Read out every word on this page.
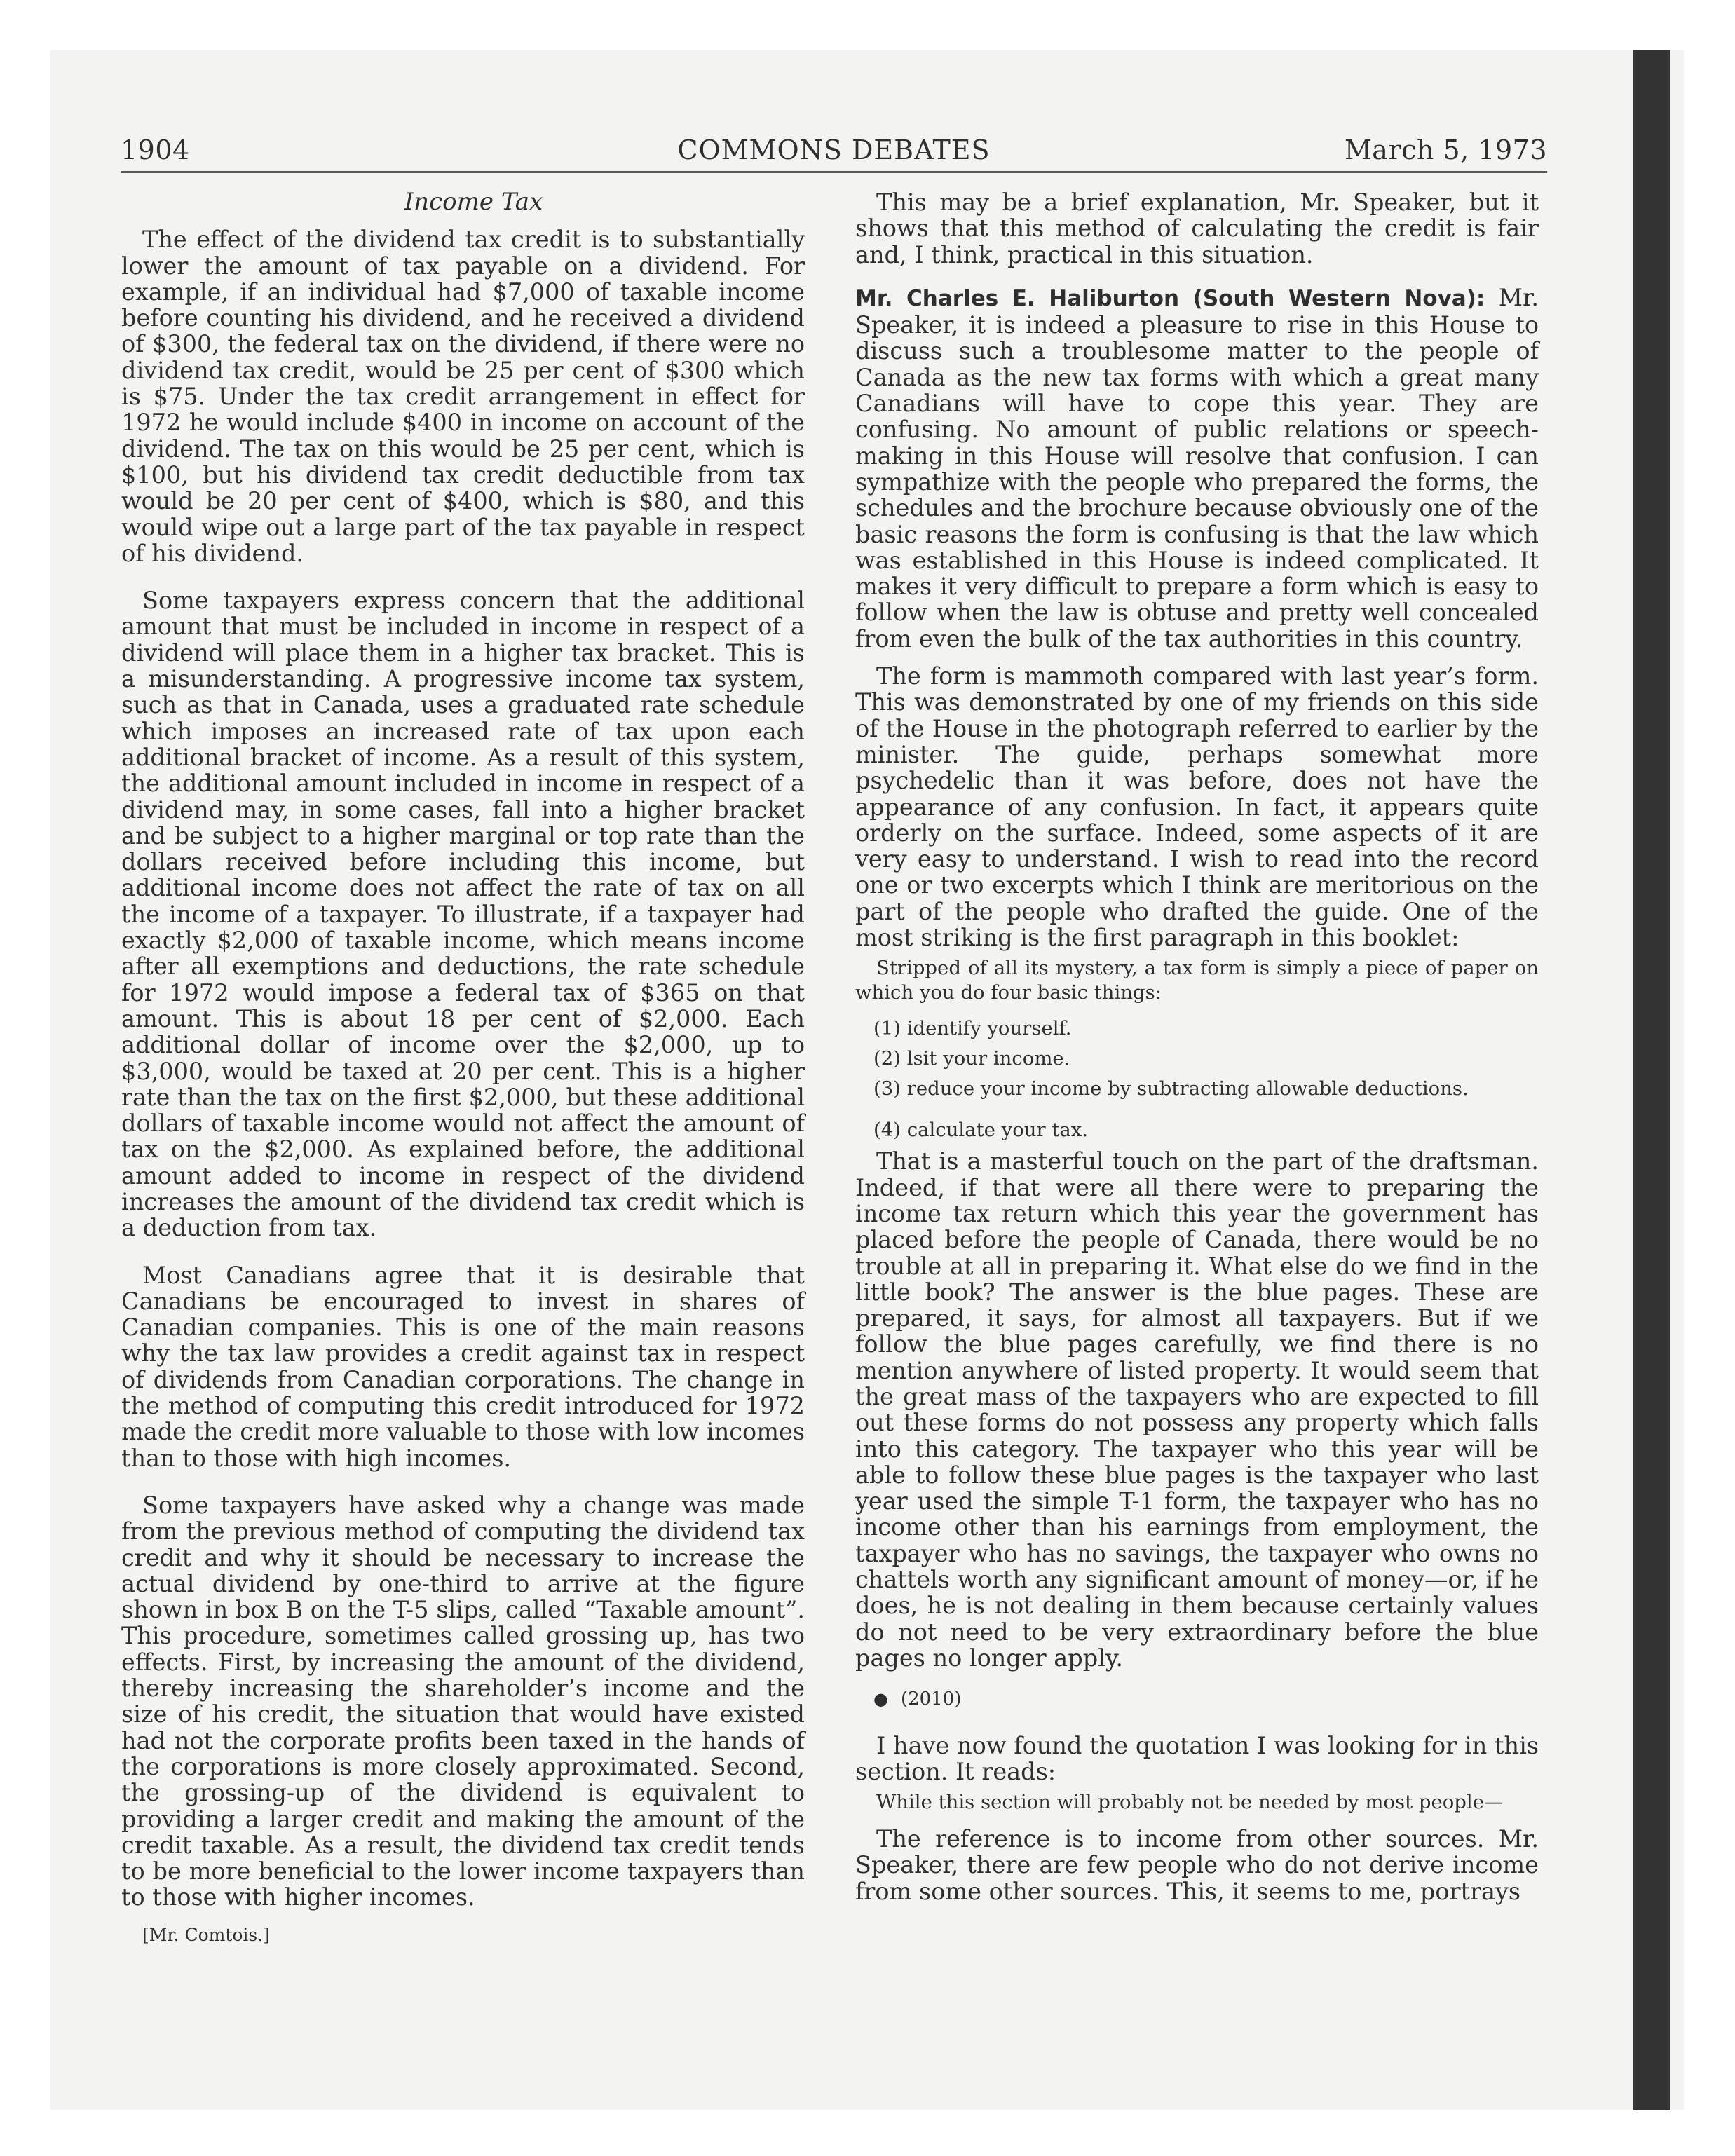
1904	COMMONS DEBATES	March 5, 1973

Income Tax

The effect of the dividend tax credit is to substantially lower the amount of tax payable on a dividend. For example, if an individual had $7,000 of taxable income before counting his dividend, and he received a dividend of $300, the federal tax on the dividend, if there were no dividend tax credit, would be 25 per cent of $300 which is $75. Under the tax credit arrangement in effect for 1972 he would include $400 in income on account of the dividend. The tax on this would be 25 per cent, which is $100, but his dividend tax credit deductible from tax would be 20 per cent of $400, which is $80, and this would wipe out a large part of the tax payable in respect of his dividend.

Some taxpayers express concern that the additional amount that must be included in income in respect of a dividend will place them in a higher tax bracket. This is a misunderstanding. A progressive income tax system, such as that in Canada, uses a graduated rate schedule which imposes an increased rate of tax upon each additional bracket of income. As a result of this system, the additional amount included in income in respect of a dividend may, in some cases, fall into a higher bracket and be subject to a higher marginal or top rate than the dollars received before including this income, but additional income does not affect the rate of tax on all the income of a taxpayer. To illustrate, if a taxpayer had exactly $2,000 of taxable income, which means income after all exemptions and deductions, the rate schedule for 1972 would impose a federal tax of $365 on that amount. This is about 18 per cent of $2,000. Each additional dollar of income over the $2,000, up to $3,000, would be taxed at 20 per cent. This is a higher rate than the tax on the first $2,000, but these additional dollars of taxable income would not affect the amount of tax on the $2,000. As explained before, the additional amount added to income in respect of the dividend increases the amount of the dividend tax credit which is a deduction from tax.

Most Canadians agree that it is desirable that Canadians be encouraged to invest in shares of Canadian companies. This is one of the main reasons why the tax law provides a credit against tax in respect of dividends from Canadian corporations. The change in the method of computing this credit introduced for 1972 made the credit more valuable to those with low incomes than to those with high incomes.

Some taxpayers have asked why a change was made from the previous method of computing the dividend tax credit and why it should be necessary to increase the actual dividend by one-third to arrive at the figure shown in box B on the T-5 slips, called “Taxable amount”. This procedure, sometimes called grossing up, has two effects. First, by increasing the amount of the dividend, thereby increasing the shareholder’s income and the size of his credit, the situation that would have existed had not the corporate profits been taxed in the hands of the corporations is more closely approximated. Second, the grossing-up of the dividend is equivalent to providing a larger credit and making the amount of the credit taxable. As a result, the dividend tax credit tends to be more beneficial to the lower income taxpayers than to those with higher incomes.

[Mr. Comtois.]

This may be a brief explanation, Mr. Speaker, but it shows that this method of calculating the credit is fair and, I think, practical in this situation.

Mr. Charles E. Haliburton (South Western Nova): Mr. Speaker, it is indeed a pleasure to rise in this House to discuss such a troublesome matter to the people of Canada as the new tax forms with which a great many Canadians will have to cope this year. They are confusing. No amount of public relations or speech-making in this House will resolve that confusion. I can sympathize with the people who prepared the forms, the schedules and the brochure because obviously one of the basic reasons the form is confusing is that the law which was established in this House is indeed complicated. It makes it very difficult to prepare a form which is easy to follow when the law is obtuse and pretty well concealed from even the bulk of the tax authorities in this country.

The form is mammoth compared with last year’s form. This was demonstrated by one of my friends on this side of the House in the photograph referred to earlier by the minister. The guide, perhaps somewhat more psychedelic than it was before, does not have the appearance of any confusion. In fact, it appears quite orderly on the surface. Indeed, some aspects of it are very easy to understand. I wish to read into the record one or two excerpts which I think are meritorious on the part of the people who drafted the guide. One of the most striking is the first paragraph in this booklet:

Stripped of all its mystery, a tax form is simply a piece of paper on which you do four basic things:

(1) identify yourself.
(2) lsit your income.
(3) reduce your income by subtracting allowable deductions.
(4) calculate your tax.

That is a masterful touch on the part of the draftsman. Indeed, if that were all there were to preparing the income tax return which this year the government has placed before the people of Canada, there would be no trouble at all in preparing it. What else do we find in the little book? The answer is the blue pages. These are prepared, it says, for almost all taxpayers. But if we follow the blue pages carefully, we find there is no mention anywhere of listed property. It would seem that the great mass of the taxpayers who are expected to fill out these forms do not possess any property which falls into this category. The taxpayer who this year will be able to follow these blue pages is the taxpayer who last year used the simple T-1 form, the taxpayer who has no income other than his earnings from employment, the taxpayer who has no savings, the taxpayer who owns no chattels worth any significant amount of money—or, if he does, he is not dealing in them because certainly values do not need to be very extraordinary before the blue pages no longer apply.

● (2010)

I have now found the quotation I was looking for in this section. It reads:

While this section will probably not be needed by most people—

The reference is to income from other sources. Mr. Speaker, there are few people who do not derive income from some other sources. This, it seems to me, portrays
